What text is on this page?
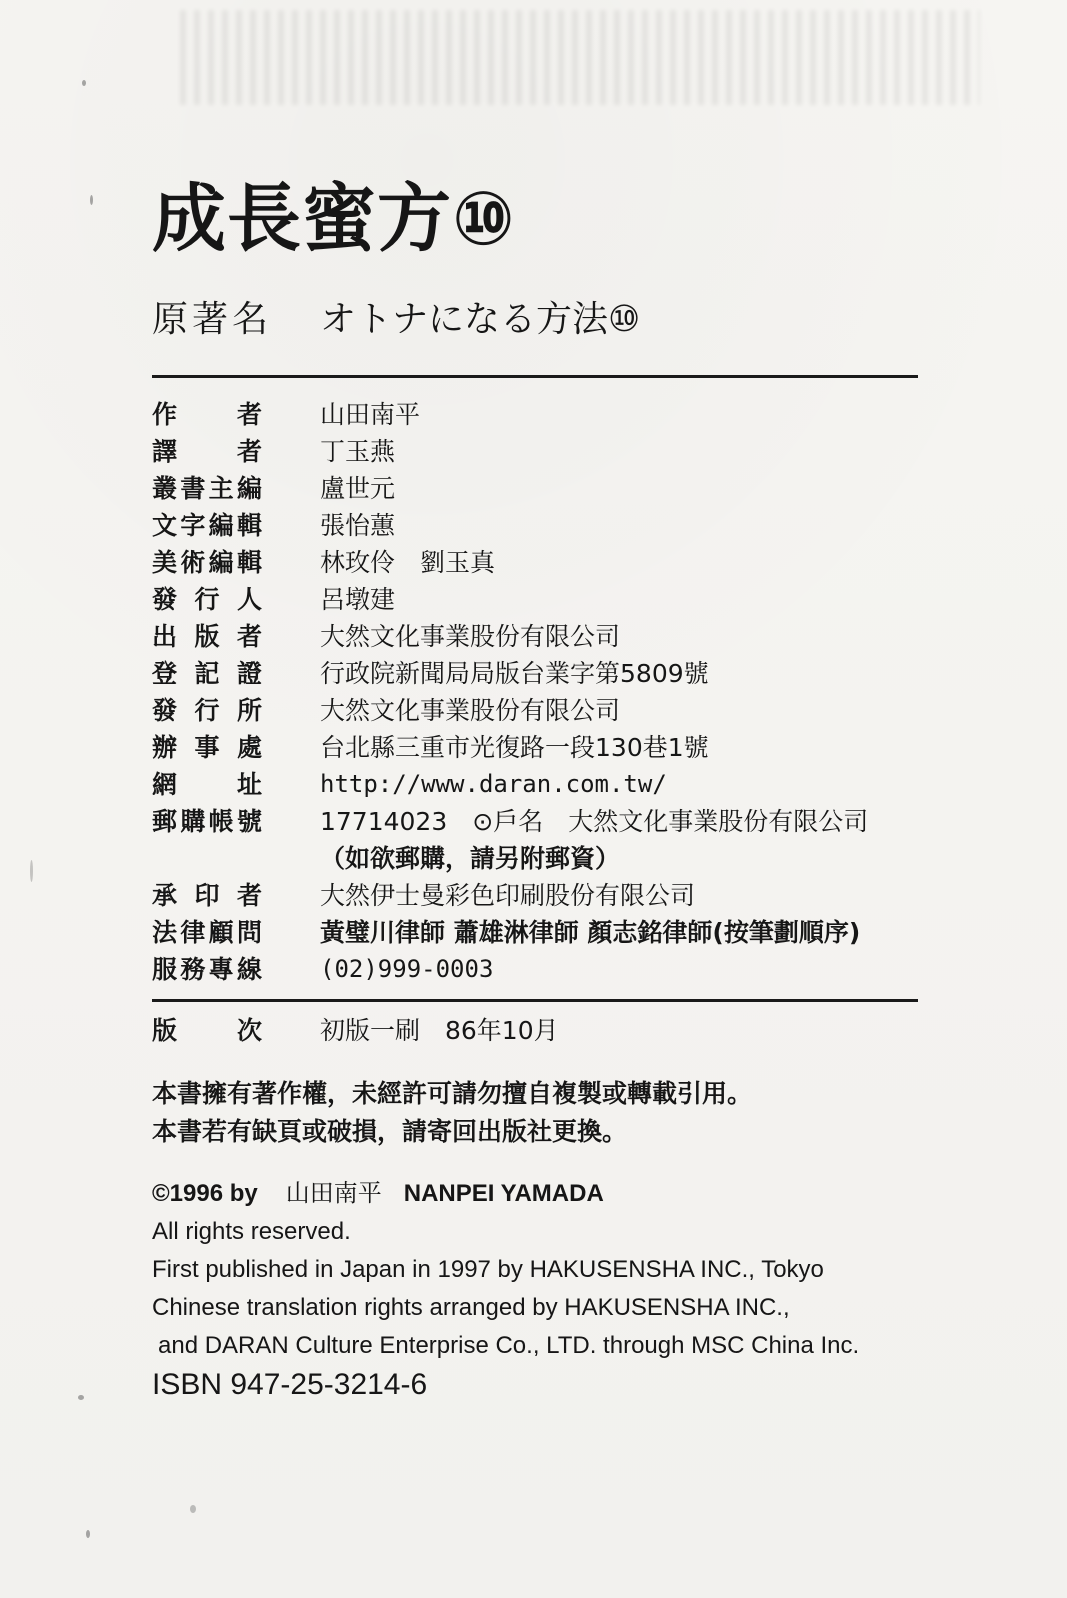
成長蜜方⑩
原著名 オトナになる方法⑩
作　　者 山田南平
譯　　者 丁玉燕
叢書主編 盧世元
文字編輯 張怡蕙
美術編輯 林玫伶　劉玉真
發 行 人 呂墩建
出 版 者 大然文化事業股份有限公司
登 記 證 行政院新聞局局版台業字第5809號
發 行 所 大然文化事業股份有限公司
辦 事 處 台北縣三重市光復路一段130巷1號
網　　址 http://www.daran.com.tw/
郵購帳號 17714023　⊙戶名　大然文化事業股份有限公司
（如欲郵購，請另附郵資）
承 印 者 大然伊士曼彩色印刷股份有限公司
法律顧問 黃璧川律師 蕭雄淋律師 顏志銘律師(按筆劃順序)
服務專線 (02)999-0003
版　　次 初版一刷　86年10月
本書擁有著作權，未經許可請勿擅自複製或轉載引用。
本書若有缺頁或破損，請寄回出版社更換。
©1996 by 山田南平 NANPEI YAMADA
All rights reserved.
First published in Japan in 1997 by HAKUSENSHA INC., Tokyo
Chinese translation rights arranged by HAKUSENSHA INC.,
and DARAN Culture Enterprise Co., LTD. through MSC China Inc.
ISBN 947-25-3214-6
